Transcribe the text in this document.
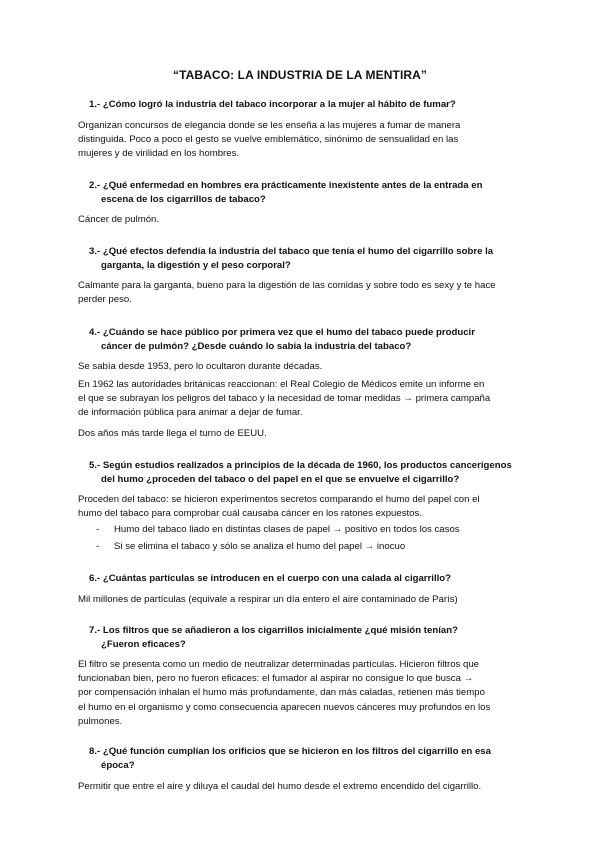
“TABACO: LA INDUSTRIA DE LA MENTIRA”
1.- ¿Cómo logró la industria del tabaco incorporar a la mujer al hábito de fumar?
Organizan concursos de elegancia donde se les enseña a las mujeres a fumar de manera
distinguida. Poco a poco el gesto se vuelve emblemático, sinónimo de sensualidad en las
mujeres y de virilidad en los hombres.
2.- ¿Qué enfermedad en hombres era prácticamente inexistente antes de la entrada en
escena de los cigarrillos de tabaco?
Cáncer de pulmón.
3.- ¿Qué efectos defendía la industria del tabaco que tenía el humo del cigarrillo sobre la
garganta, la digestión y el peso corporal?
Calmante para la garganta, bueno para la digestión de las comidas y sobre todo es sexy y te hace
perder peso.
4.- ¿Cuándo se hace público por primera vez que el humo del tabaco puede producir
cáncer de pulmón? ¿Desde cuándo lo sabía la industria del tabaco?
Se sabía desde 1953, pero lo ocultaron durante décadas.
En 1962 las autoridades británicas reaccionan: el Real Colegio de Médicos emite un informe en
el que se subrayan los peligros del tabaco y la necesidad de tomar medidas → primera campaña
de información pública para animar a dejar de fumar.
Dos años más tarde llega el turno de EEUU.
5.- Según estudios realizados a principios de la década de 1960, los productos cancerígenos
del humo ¿proceden del tabaco o del papel en el que se envuelve el cigarrillo?
Proceden del tabaco: se hicieron experimentos secretos comparando el humo del papel con el
humo del tabaco para comprobar cuál causaba cáncer en los ratones expuestos.
- Humo del tabaco liado en distintas clases de papel → positivo en todos los casos
- Si se elimina el tabaco y sólo se analiza el humo del papel → inocuo
6.- ¿Cuántas partículas se introducen en el cuerpo con una calada al cigarrillo?
Mil millones de partículas (equivale a respirar un día entero el aire contaminado de París)
7.- Los filtros que se añadieron a los cigarrillos inicialmente ¿qué misión tenían?
¿Fueron eficaces?
El filtro se presenta como un medio de neutralizar determinadas partículas. Hicieron filtros que
funcionaban bien, pero no fueron eficaces: el fumador al aspirar no consigue lo que busca →
por compensación inhalan el humo más profundamente, dan más caladas, retienen más tiempo
el humo en el organismo y como consecuencia aparecen nuevos cánceres muy profundos en los
pulmones.
8.- ¿Qué función cumplían los orificios que se hicieron en los filtros del cigarrillo en esa
época?
Permitir que entre el aire y diluya el caudal del humo desde el extremo encendido del cigarrillo.
